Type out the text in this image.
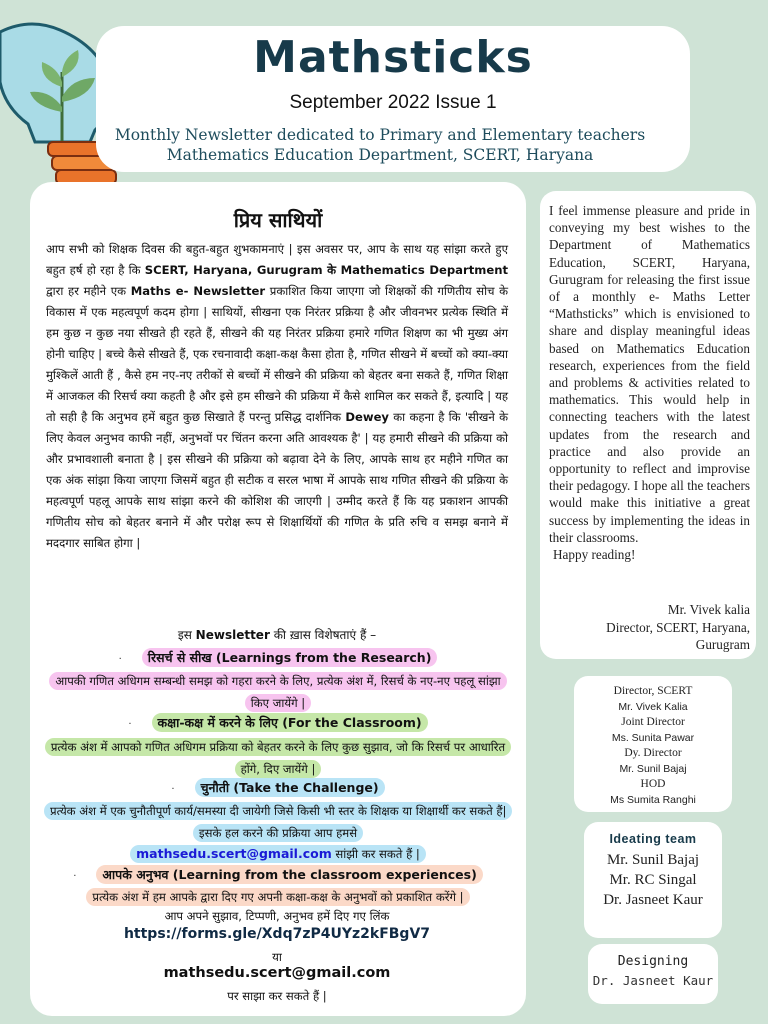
Mathsticks
September 2022 Issue 1
Monthly Newsletter dedicated to Primary and Elementary teachers
Mathematics Education Department, SCERT, Haryana
प्रिय साथियों
आप सभी को शिक्षक दिवस की बहुत-बहुत शुभकामनाएं | इस अवसर पर, आप के साथ यह सांझा करते हुए बहुत हर्ष हो रहा है कि SCERT, Haryana, Gurugram के Mathematics Department द्वारा हर महीने एक Maths e- Newsletter प्रकाशित किया जाएगा जो शिक्षकों की गणितीय सोच के विकास में एक महत्वपूर्ण कदम होगा | साथियों, सीखना एक निरंतर प्रक्रिया है और जीवनभर प्रत्येक स्थिति में हम कुछ न कुछ नया सीखते ही रहते हैं, सीखने की यह निरंतर प्रक्रिया हमारे गणित शिक्षण का भी मुख्य अंग होनी चाहिए | बच्चे कैसे सीखते हैं, एक रचनावादी कक्षा-कक्ष कैसा होता है, गणित सीखने में बच्चों को क्या-क्या मुश्किलें आती हैं , कैसे हम नए-नए तरीकों से बच्चों में सीखने की प्रक्रिया को बेहतर बना सकते हैं, गणित शिक्षा में आजकल की रिसर्च क्या कहती है और इसे हम सीखने की प्रक्रिया में कैसे शामिल कर सकते हैं, इत्यादि | यह तो सही है कि अनुभव हमें बहुत कुछ सिखाते हैं परन्तु प्रसिद्ध दार्शनिक Dewey का कहना है कि 'सीखने के लिए केवल अनुभव काफी नहीं, अनुभवों पर चिंतन करना अति आवश्यक है' | यह हमारी सीखने की प्रक्रिया को और प्रभावशाली बनाता है | इस सीखने की प्रक्रिया को बढ़ावा देने के लिए, आपके साथ हर महीने गणित का एक अंक सांझा किया जाएगा जिसमें बहुत ही सटीक व सरल भाषा में आपके साथ गणित सीखने की प्रक्रिया के महत्वपूर्ण पहलू आपके साथ सांझा करने की कोशिश की जाएगी | उम्मीद करते हैं कि यह प्रकाशन आपकी गणितीय सोच को बेहतर बनाने में और परोक्ष रूप से शिक्षार्थियों की गणित के प्रति रुचि व समझ बनाने में मददगार साबित होगा |
इस Newsletter की ख़ास विशेषताएं हैं –
· रिसर्च से सीख (Learnings from the Research)
आपकी गणित अधिगम सम्बन्धी समझ को गहरा करने के लिए, प्रत्येक अंश में, रिसर्च के नए-नए पहलू सांझा किए जायेंगे |
· कक्षा-कक्ष में करने के लिए (For the Classroom)
प्रत्येक अंश में आपको गणित अधिगम प्रक्रिया को बेहतर करने के लिए कुछ सुझाव, जो कि रिसर्च पर आधारित होंगे, दिए जायेंगे |
· चुनौती (Take the Challenge)
प्रत्येक अंश में एक चुनौतीपूर्ण कार्य/समस्या दी जायेगी जिसे किसी भी स्तर के शिक्षक या शिक्षार्थी कर सकते हैं| इसके हल करने की प्रक्रिया आप हमसे
mathsedu.scert@gmail.com सांझी कर सकते हैं |
· आपके अनुभव (Learning from the classroom experiences)
प्रत्येक अंश में हम आपके द्वारा दिए गए अपनी कक्षा-कक्ष के अनुभवों को प्रकाशित करेंगे |
आप अपने सुझाव, टिप्पणी, अनुभव हमें दिए गए लिंक
https://forms.gle/Xdq7zP4UYz2kFBgV7
या
mathsedu.scert@gmail.com
पर साझा कर सकते हैं |
I feel immense pleasure and pride in conveying my best wishes to the Department of Mathematics Education, SCERT, Haryana, Gurugram for releasing the first issue of a monthly e- Maths Letter “Mathsticks” which is envisioned to share and display meaningful ideas based on Mathematics Education research, experiences from the field and problems & activities related to mathematics. This would help in connecting teachers with the latest updates from the research and practice and also provide an opportunity to reflect and improvise their pedagogy. I hope all the teachers would make this initiative a great success by implementing the ideas in their classrooms.
Happy reading!
Mr. Vivek kalia
Director, SCERT, Haryana,
Gurugram
Director, SCERT
Mr. Vivek Kalia
Joint Director
Ms. Sunita Pawar
Dy. Director
Mr. Sunil Bajaj
HOD
Ms Sumita Ranghi
Ideating team
Mr. Sunil Bajaj
Mr. RC Singal
Dr. Jasneet Kaur
Designing
Dr. Jasneet Kaur
